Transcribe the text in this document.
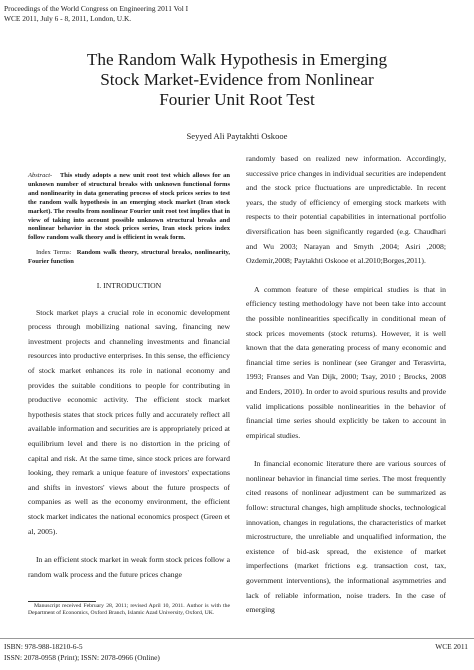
Proceedings of the World Congress on Engineering 2011 Vol I
WCE 2011, July 6 - 8, 2011, London, U.K.
The Random Walk Hypothesis in Emerging
Stock Market-Evidence from Nonlinear
Fourier Unit Root Test
Seyyed Ali Paytakhti Oskooe

Abstract- This study adopts a new unit root test which allows for an unknown number of structural breaks with unknown functional forms and nonlinearity in data generating process of stock prices series to test the random walk hypothesis in an emerging stock market (Iran stock market). The results from nonlinear Fourier unit root test implies that in view of taking into account possible unknown structural breaks and nonlinear behavior in the stock prices series, Iran stock prices index follow random walk theory and is efficient in weak form.

Index Terms: Random walk theory, structural breaks, nonlinearity, Fourier function

I. INTRODUCTION

Stock market plays a crucial role in economic development process through mobilizing national saving, financing new investment projects and channeling investments and financial resources into productive enterprises. In this sense, the efficiency of stock market enhances its role in national economy and provides the suitable conditions to people for contributing in productive economic activity. The efficient stock market hypothesis states that stock prices fully and accurately reflect all available information and securities are is appropriately priced at equilibrium level and there is no distortion in the pricing of capital and risk. At the same time, since stock prices are forward looking, they remark a unique feature of investors' expectations and shifts in investors' views about the future prospects of companies as well as the economy environment, the efficient stock market indicates the national economics prospect (Green et al, 2005).

In an efficient stock market in weak form stock prices follow a random walk process and the future prices change

randomly based on realized new information. Accordingly, successive price changes in individual securities are independent and the stock price fluctuations are unpredictable. In recent years, the study of efficiency of emerging stock markets with respects to their potential capabilities in international portfolio diversification has been significantly regarded (e.g. Chaudhari and Wu 2003; Narayan and Smyth ,2004; Asiri ,2008; Ozdemir,2008; Paytakhti Oskooe et al.2010;Borges,2011).

A common feature of these empirical studies is that in efficiency testing methodology have not been take into account the possible nonlinearities specifically in conditional mean of stock prices movements (stock returns). However, it is well known that the data generating process of many economic and financial time series is nonlinear (see Granger and Terasvirta, 1993; Franses and Van Dijk, 2000; Tsay, 2010 ; Brocks, 2008 and Enders, 2010). In order to avoid spurious results and provide valid implications possible nonlinearities in the behavior of financial time series should explicitly be taken to account in empirical studies.

In financial economic literature there are various sources of nonlinear behavior in financial time series. The most frequently cited reasons of nonlinear adjustment can be summarized as follow: structural changes, high amplitude shocks, technological innovation, changes in regulations, the characteristics of market microstructure, the unreliable and unqualified information, the existence of bid-ask spread, the existence of market imperfections (market frictions e.g. transaction cost, tax, government interventions), the informational asymmetries and lack of reliable information, noise traders. In the case of emerging

Manuscript received February 28, 2011; revised April 10, 2011. Author is with the Department of Economics, Oxford Branch, Islamic Azad University, Oxford, UK.
ISBN: 978-988-18210-6-5
ISSN: 2078-0958 (Print); ISSN: 2078-0966 (Online)
WCE 2011
